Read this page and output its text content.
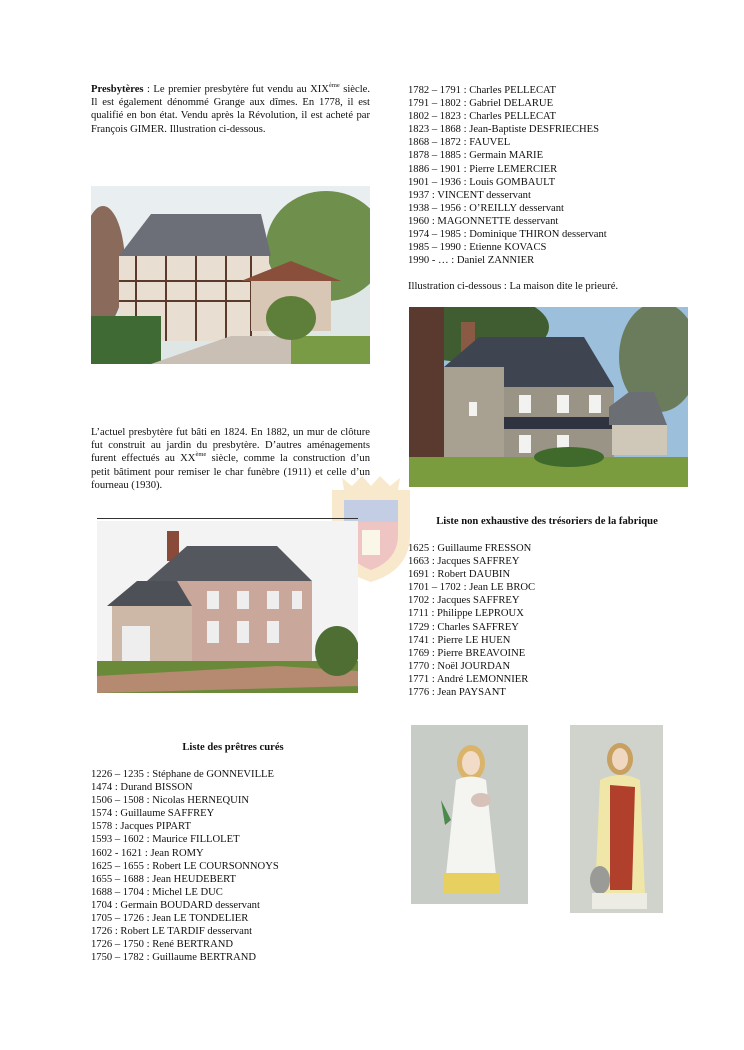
Presbytères : Le premier presbytère fut vendu au XIXème siècle. Il est également dénommé Grange aux dîmes. En 1778, il est qualifié en bon état. Vendu après la Révolution, il est acheté par François GIMER. Illustration ci-dessous.
L’actuel presbytère fut bâti en 1824. En 1882, un mur de clôture fut construit au jardin du presbytère. D’autres aménagements furent effectués au XXème siècle, comme la construction d’un petit bâtiment pour remiser le char funèbre (1911) et celle d’un fourneau (1930).
Liste des prêtres curés
1226 – 1235 : Stéphane de GONNEVILLE
1474 : Durand BISSON
1506 – 1508 : Nicolas HERNEQUIN
1574 : Guillaume SAFFREY
1578 : Jacques PIPART
1593 – 1602 : Maurice FILLOLET
1602 - 1621 : Jean ROMY
1625 – 1655 : Robert LE COURSONNOYS
1655 – 1688 : Jean HEUDEBERT
1688 – 1704 : Michel LE DUC
1704 : Germain BOUDARD desservant
1705 – 1726 : Jean LE TONDELIER
1726 : Robert LE TARDIF desservant
1726 – 1750 : René BERTRAND
1750 – 1782 : Guillaume BERTRAND
1782 – 1791 : Charles PELLECAT
1791 – 1802 : Gabriel DELARUE
1802 – 1823 : Charles PELLECAT
1823 – 1868 : Jean-Baptiste DESFRIECHES
1868 – 1872 : FAUVEL
1878 – 1885 : Germain MARIE
1886 – 1901 : Pierre LEMERCIER
1901 – 1936 : Louis GOMBAULT
1937 : VINCENT desservant
1938 – 1956 : O’REILLY desservant
1960 : MAGONNETTE desservant
1974 – 1985 : Dominique THIRON desservant
1985 – 1990 : Etienne KOVACS
1990 - … : Daniel ZANNIER
Illustration ci-dessous : La maison dite le prieuré.
Liste non exhaustive des trésoriers de la fabrique
1625 : Guillaume FRESSON
1663 : Jacques SAFFREY
1691 : Robert DAUBIN
1701 – 1702 : Jean LE BROC
1702 : Jacques SAFFREY
1711 : Philippe LEPROUX
1729 : Charles SAFFREY
1741 : Pierre LE HUEN
1769 : Pierre BREAVOINE
1770 : Noël JOURDAN
1771 : André LEMONNIER
1776 : Jean PAYSANT
